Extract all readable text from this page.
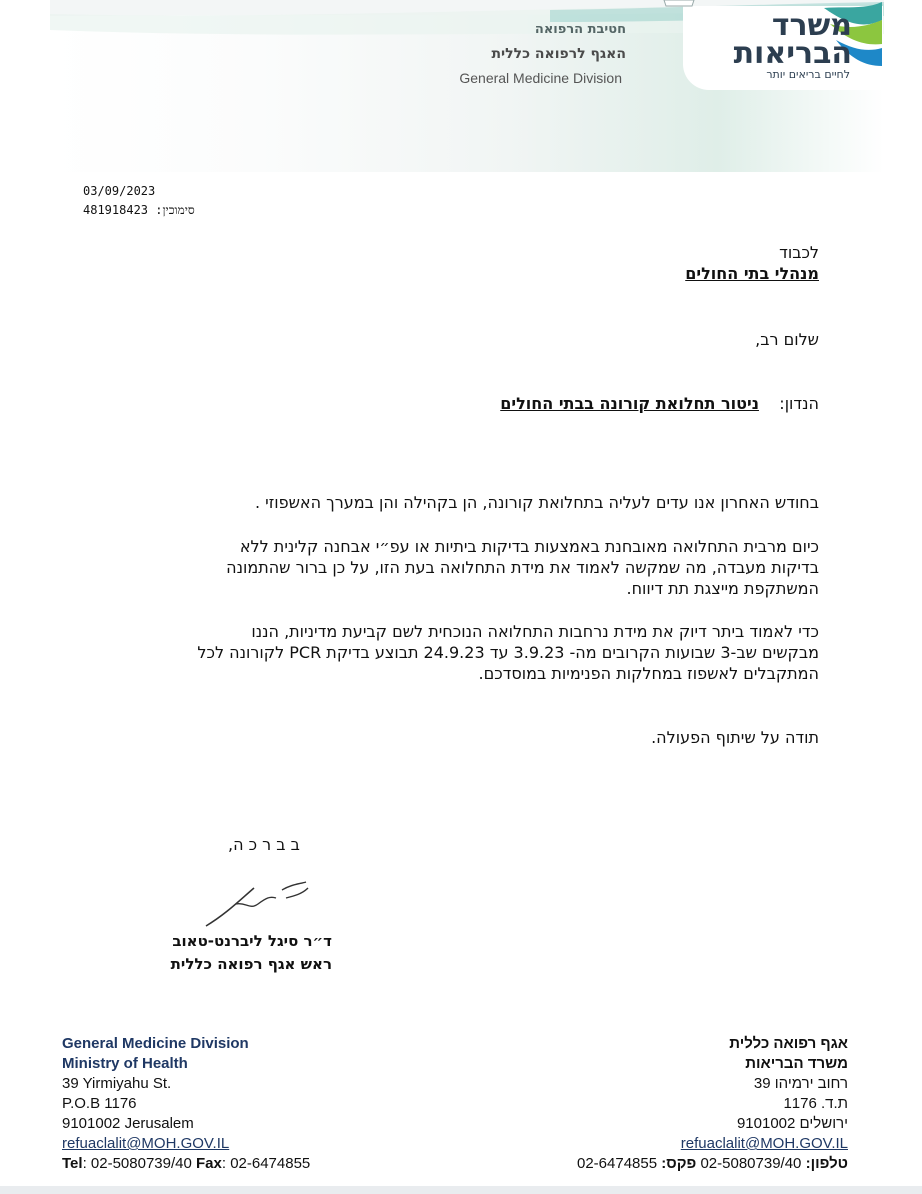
משרד
הבריאות
לחיים בריאים יותר
חטיבת הרפואה
האגף לרפואה כללית
General Medicine Division
03/09/2023
481918423 :סימוכין
לכבוד
מנהלי בתי החולים
שלום רב,
הנדון:    ניטור תחלואת קורונה בבתי החולים
בחודש האחרון אנו עדים לעליה בתחלואת קורונה, הן בקהילה והן במערך האשפוזי .
כיום מרבית התחלואה מאובחנת באמצעות בדיקות ביתיות או עפ״י אבחנה קלינית ללא
בדיקות מעבדה, מה שמקשה לאמוד את מידת התחלואה בעת הזו, על כן ברור שהתמונה
המשתקפת מייצגת תת דיווח.
כדי לאמוד ביתר דיוק את מידת נרחבות התחלואה הנוכחית לשם קביעת מדיניות, הננו
מבקשים שב-3 שבועות הקרובים מה- 3.9.23 עד 24.9.23 תבוצע בדיקת PCR לקורונה לכל
המתקבלים לאשפוז במחלקות הפנימיות במוסדכם.
תודה על שיתוף הפעולה.
ב ב ר כ ה,
ד״ר סיגל ליברנט-טאוב
ראש אגף רפואה כללית
General Medicine Division
Ministry of Health
39 Yirmiyahu St.
P.O.B 1176
9101002 Jerusalem
refuaclalit@MOH.GOV.IL
Tel: 02-5080739/40 Fax: 02-6474855
אגף רפואה כללית
משרד הבריאות
רחוב ירמיהו 39
ת.ד. 1176
ירושלים 9101002
refuaclalit@MOH.GOV.IL
טלפון: 02-5080739/40 פקס: 02-6474855
